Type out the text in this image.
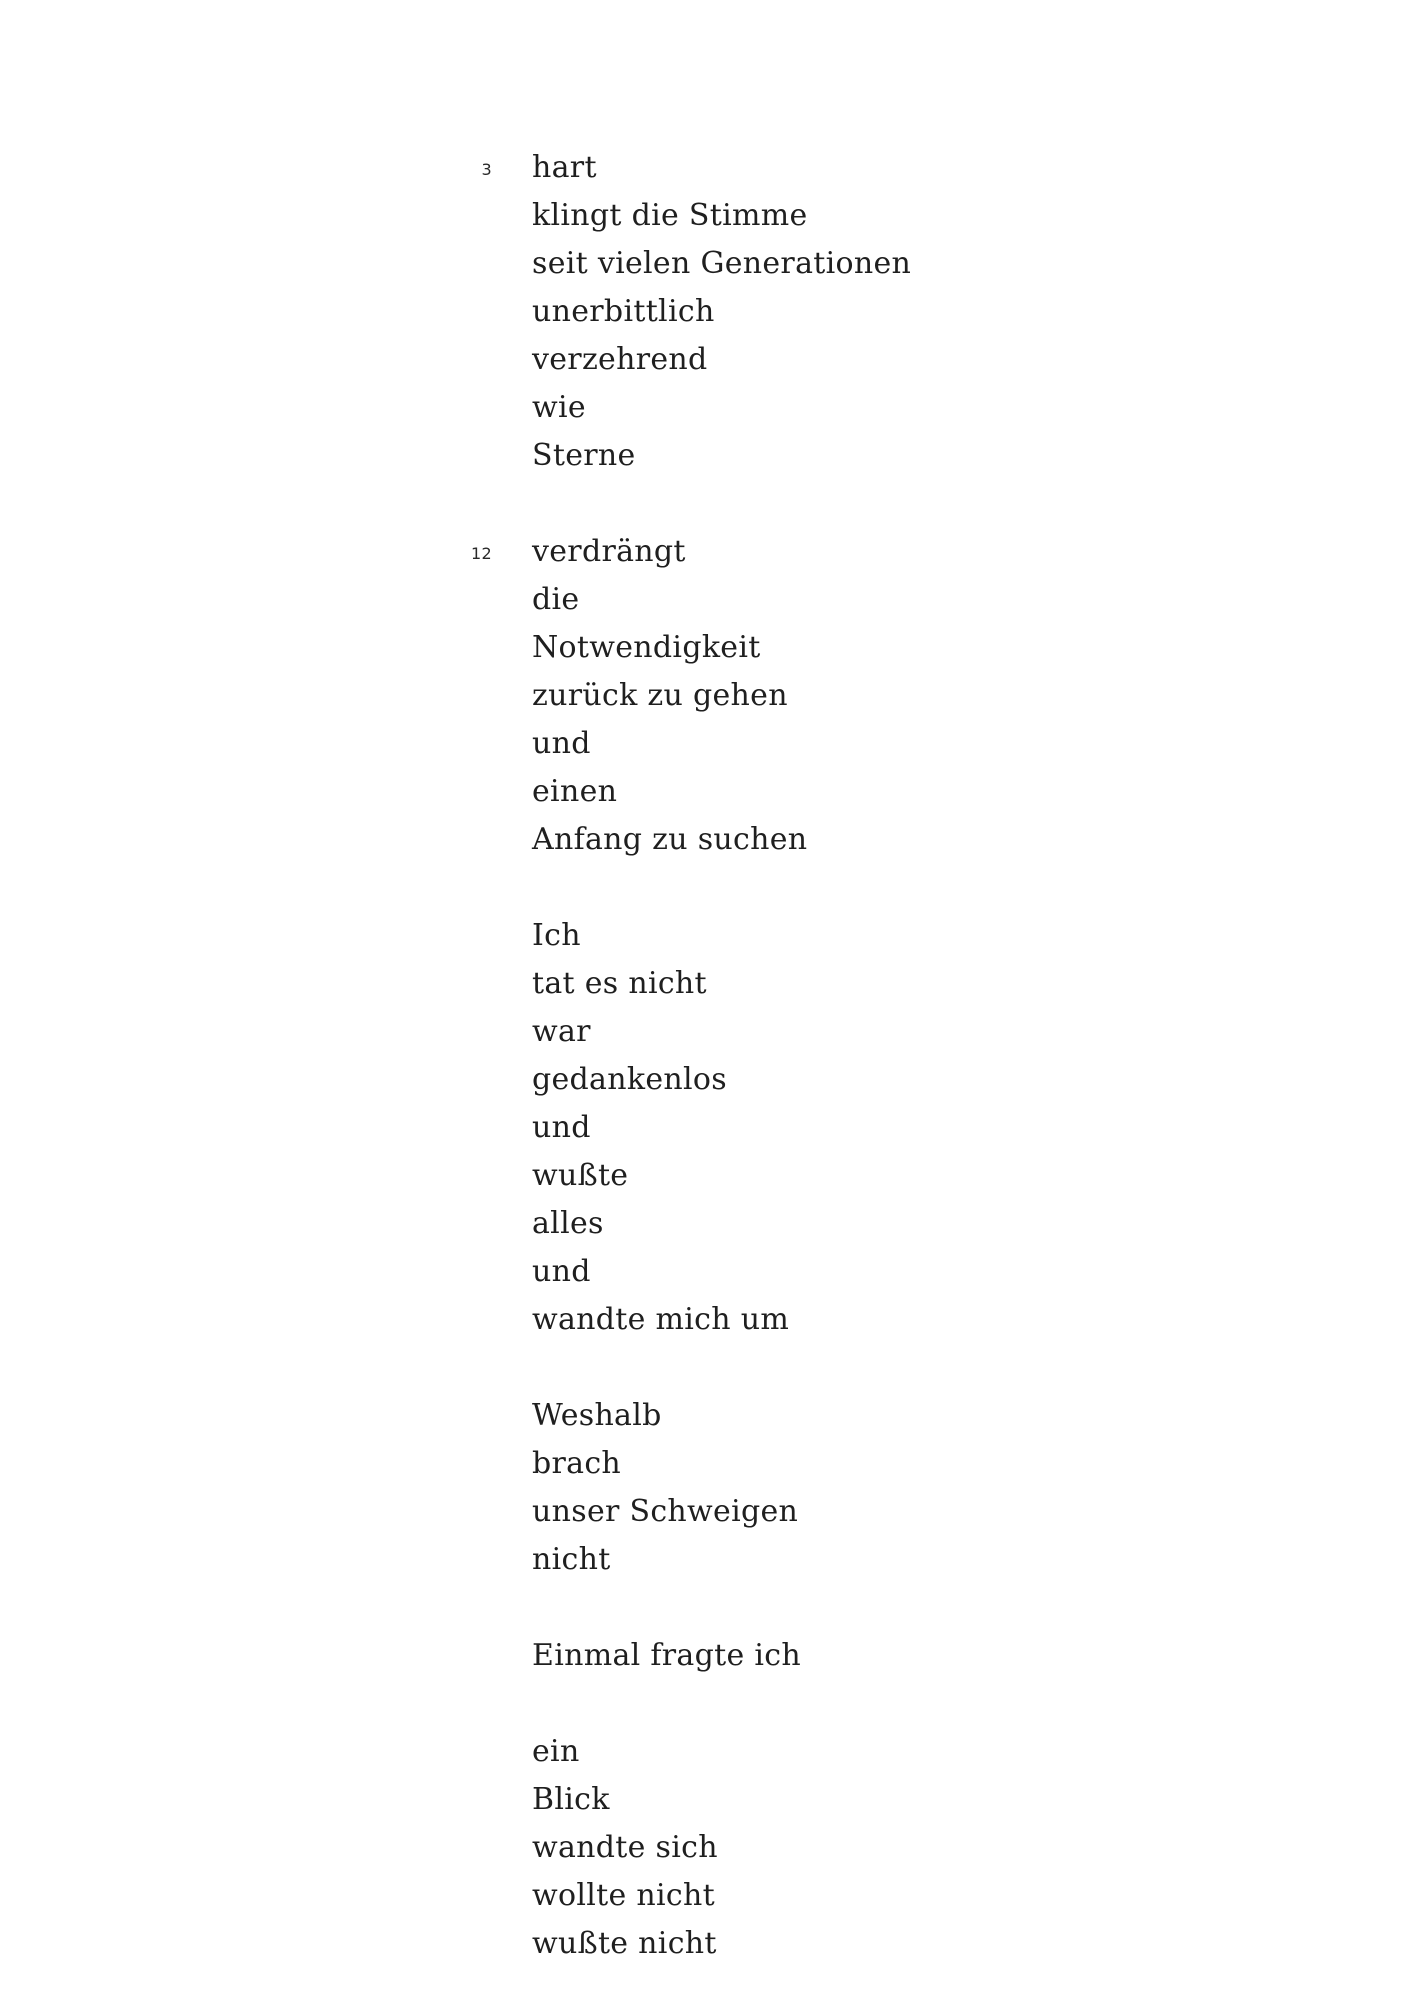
3 hart
klingt die Stimme
seit vielen Generationen
unerbittlich
verzehrend
wie
Sterne
12 verdrängt
die
Notwendigkeit
zurück zu gehen
und
einen
Anfang zu suchen
Ich
tat es nicht
war
gedankenlos
und
wußte
alles
und
wandte mich um
Weshalb
brach
unser Schweigen
nicht
Einmal fragte ich
ein
Blick
wandte sich
wollte nicht
wußte nicht
